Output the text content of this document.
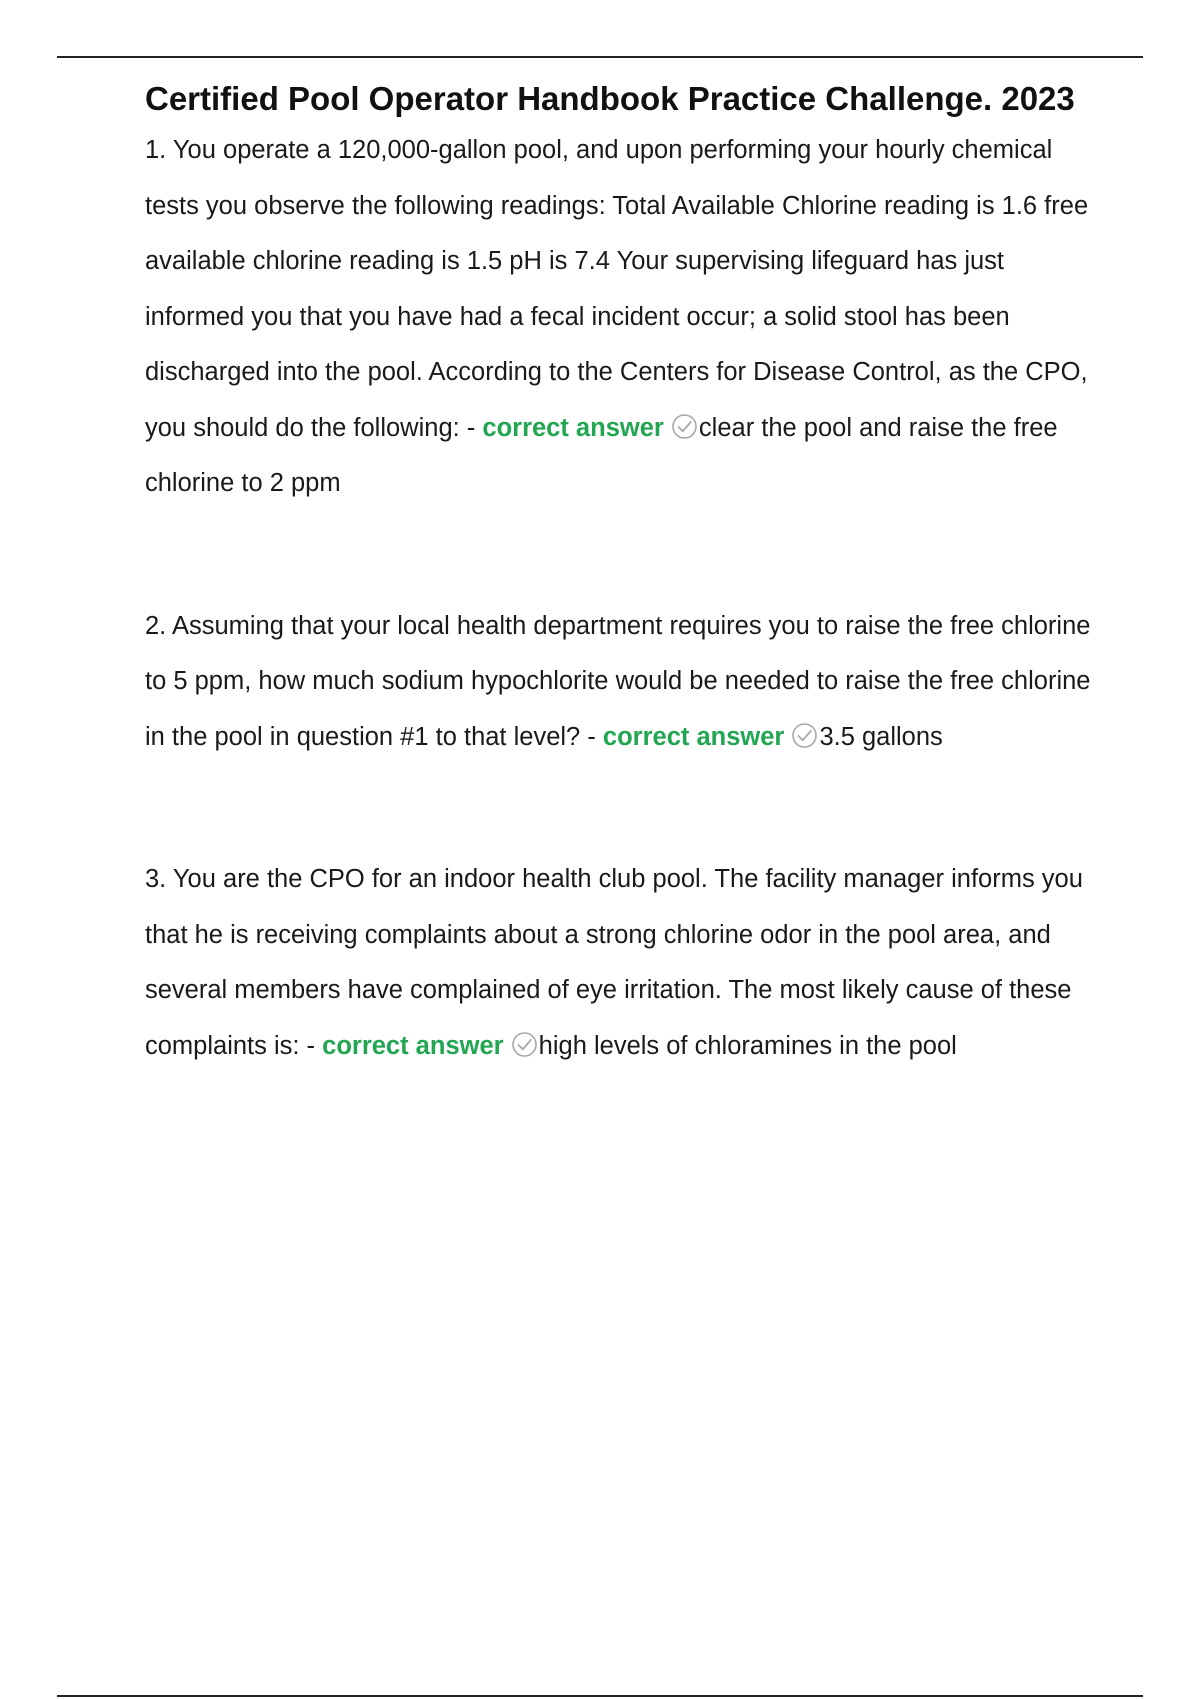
Certified Pool Operator Handbook Practice Challenge. 2023

1. You operate a 120,000-gallon pool, and upon performing your hourly chemical tests you observe the following readings: Total Available Chlorine reading is 1.6 free available chlorine reading is 1.5 pH is 7.4 Your supervising lifeguard has just informed you that you have had a fecal incident occur; a solid stool has been discharged into the pool. According to the Centers for Disease Control, as the CPO, you should do the following: - correct answer clear the pool and raise the free chlorine to 2 ppm

2. Assuming that your local health department requires you to raise the free chlorine to 5 ppm, how much sodium hypochlorite would be needed to raise the free chlorine in the pool in question #1 to that level? - correct answer 3.5 gallons

3. You are the CPO for an indoor health club pool. The facility manager informs you that he is receiving complaints about a strong chlorine odor in the pool area, and several members have complained of eye irritation. The most likely cause of these complaints is: - correct answer high levels of chloramines in the pool
